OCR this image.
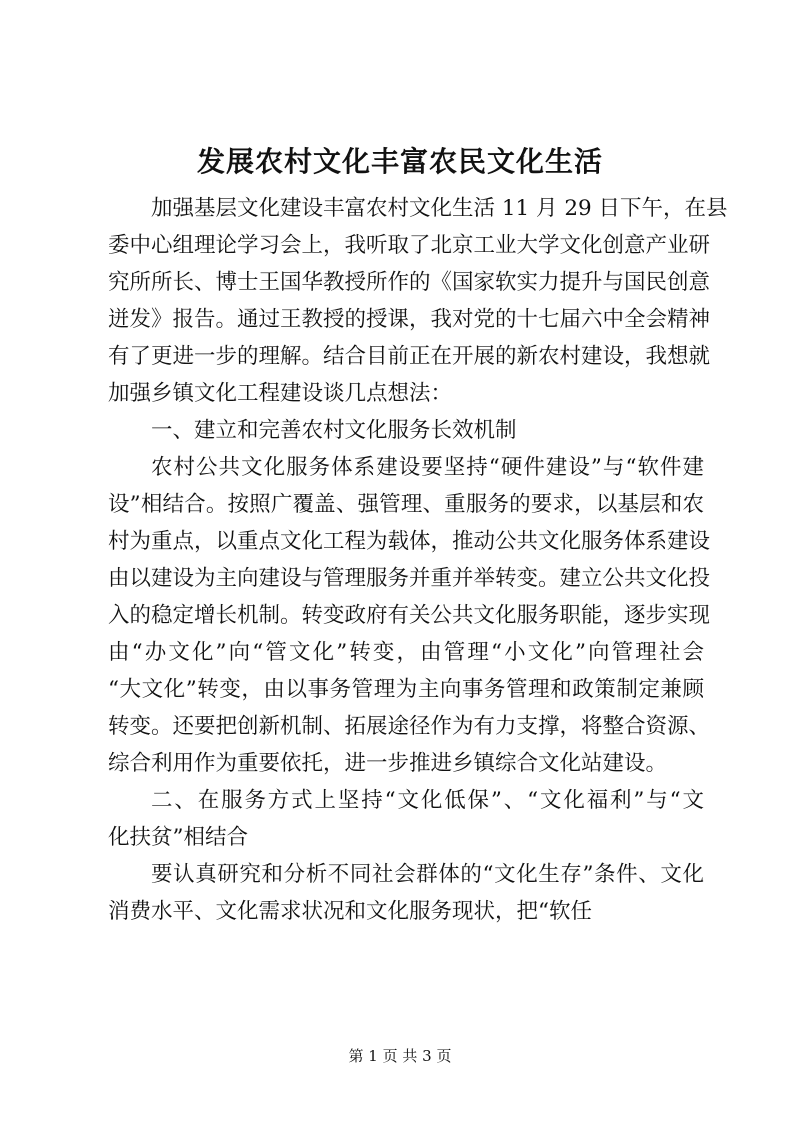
发展农村文化丰富农民文化生活
加强基层文化建设丰富农村文化生活 11 月 29 日下午，在县
委中心组理论学习会上，我听取了北京工业大学文化创意产业研
究所所长、博士王国华教授所作的《国家软实力提升与国民创意
迸发》报告。通过王教授的授课，我对党的十七届六中全会精神
有了更进一步的理解。结合目前正在开展的新农村建设，我想就
加强乡镇文化工程建设谈几点想法：
一、建立和完善农村文化服务长效机制
农村公共文化服务体系建设要坚持“硬件建设”与“软件建
设”相结合。按照广覆盖、强管理、重服务的要求，以基层和农
村为重点，以重点文化工程为载体，推动公共文化服务体系建设
由以建设为主向建设与管理服务并重并举转变。建立公共文化投
入的稳定增长机制。转变政府有关公共文化服务职能，逐步实现
由“办文化”向“管文化”转变，由管理“小文化”向管理社会
“大文化”转变，由以事务管理为主向事务管理和政策制定兼顾
转变。还要把创新机制、拓展途径作为有力支撑，将整合资源、
综合利用作为重要依托，进一步推进乡镇综合文化站建设。
二、在服务方式上坚持“文化低保”、“文化福利”与“文
化扶贫”相结合
要认真研究和分析不同社会群体的“文化生存”条件、文化
消费水平、文化需求状况和文化服务现状，把“软任
第 1 页 共 3 页
